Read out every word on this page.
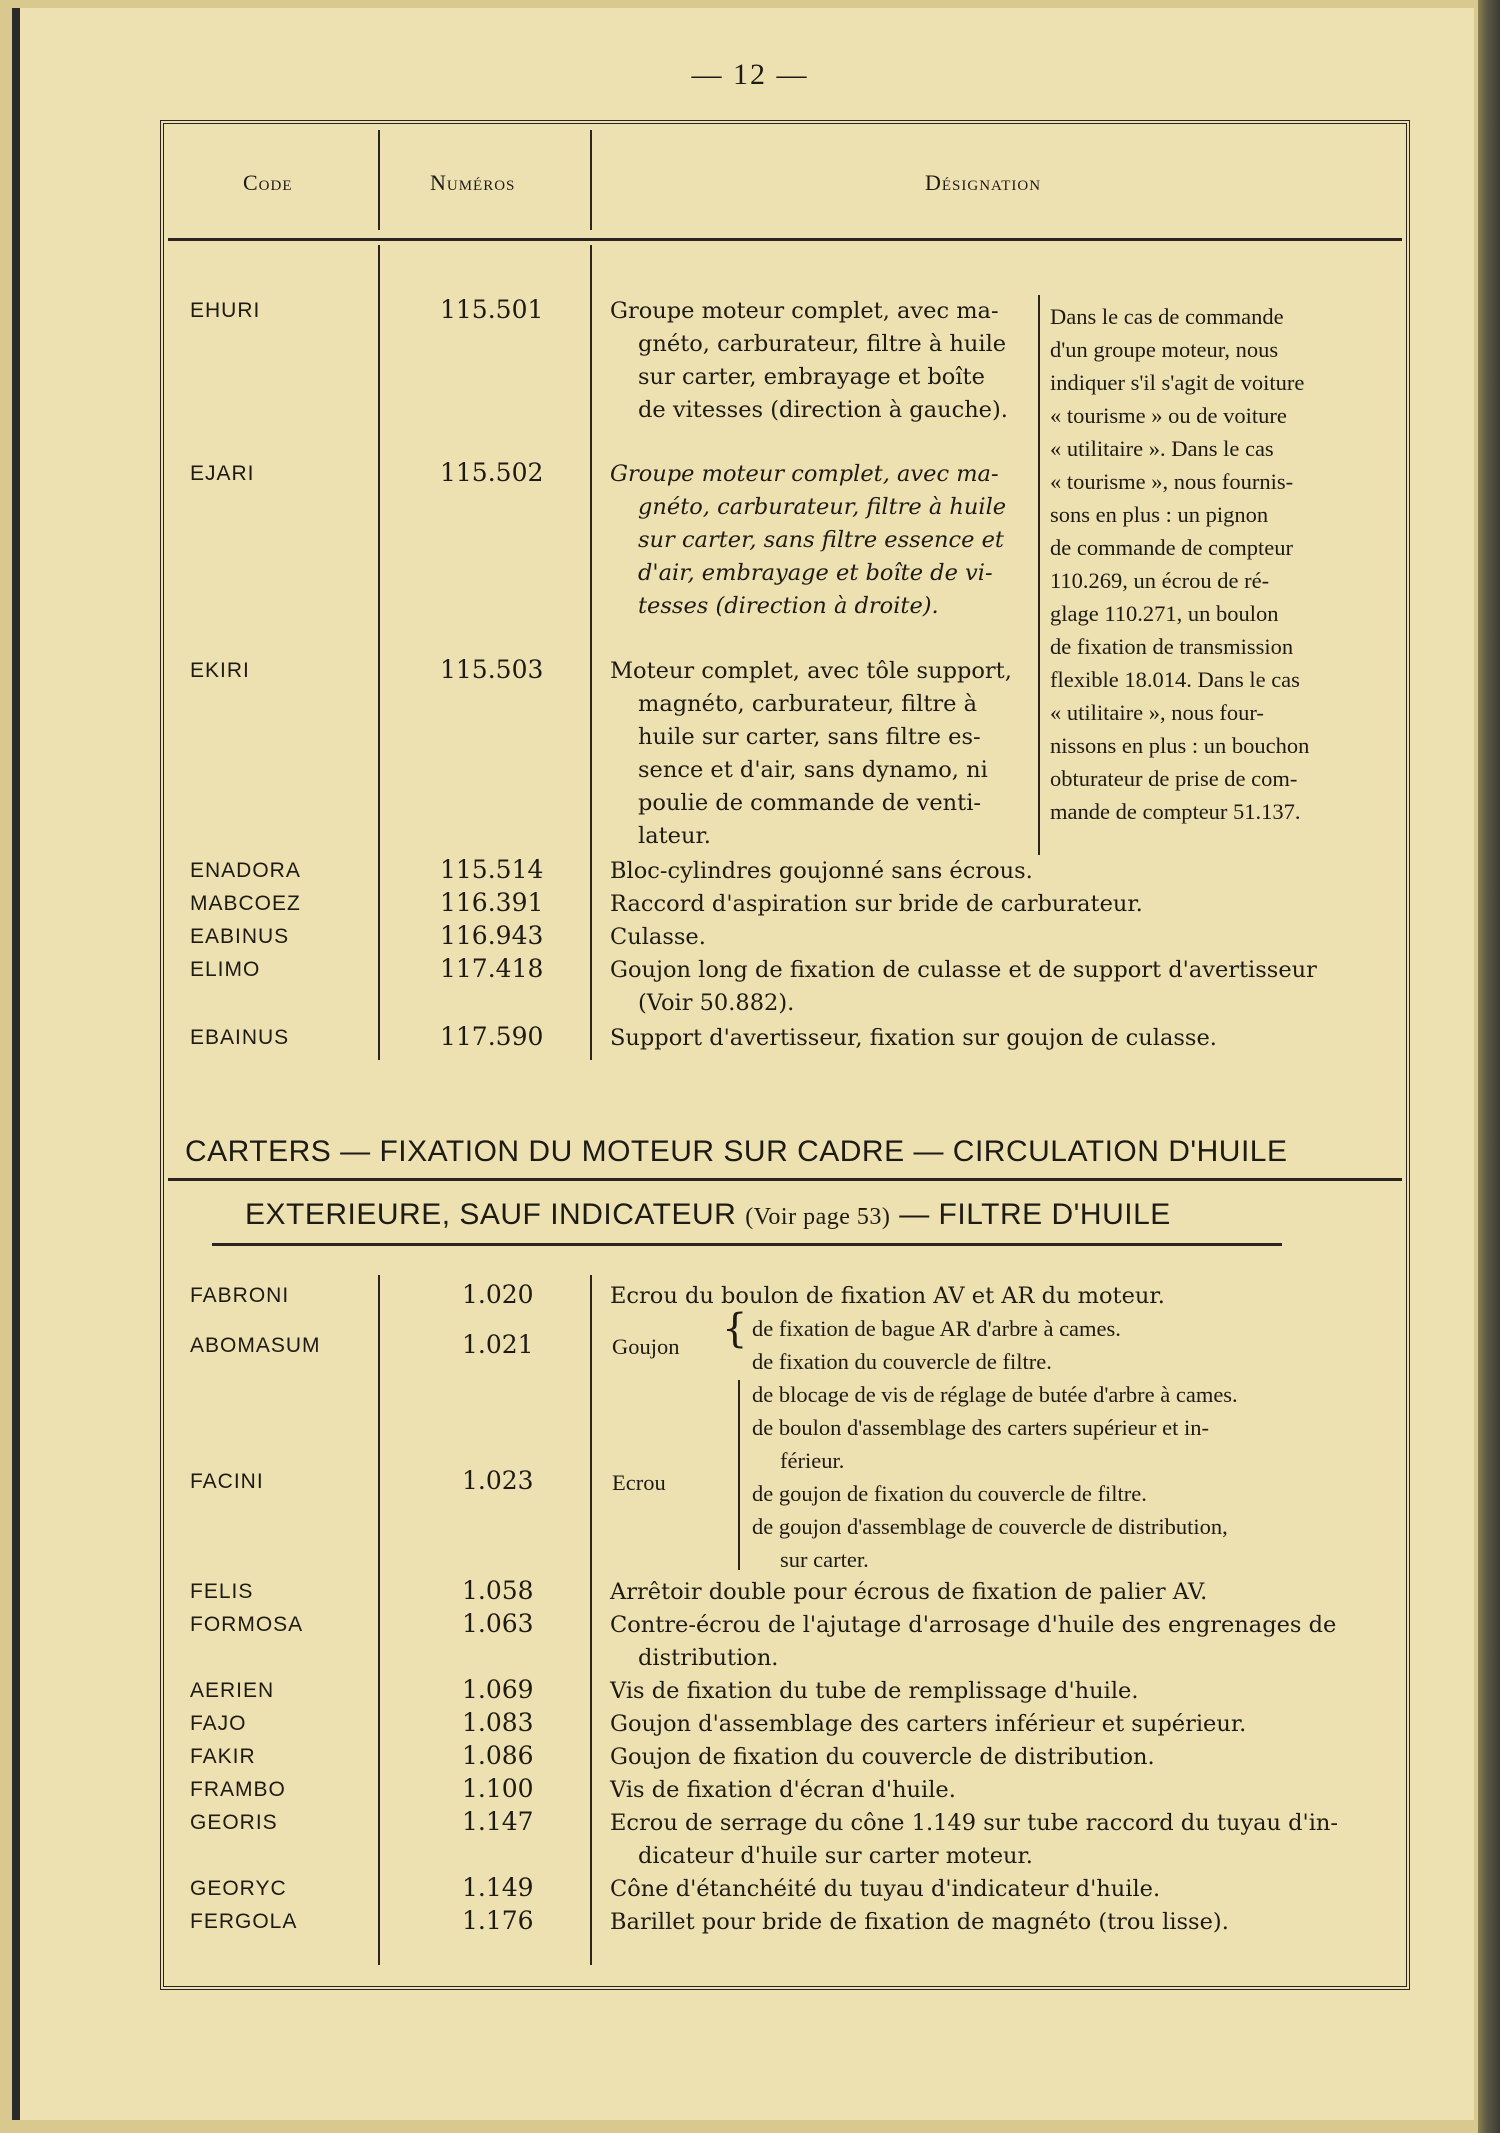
— 12 —
Code	Numéros	Désignation
EHURI	115.501	Groupe moteur complet, avec ma-
gnéto, carburateur, filtre à huile
sur carter, embrayage et boîte
de vitesses (direction à gauche).
EJARI	115.502	Groupe moteur complet, avec ma-
gnéto, carburateur, filtre à huile
sur carter, sans filtre essence et
d'air, embrayage et boîte de vi-
tesses (direction à droite).
EKIRI	115.503	Moteur complet, avec tôle support,
magnéto, carburateur, filtre à
huile sur carter, sans filtre es-
sence et d'air, sans dynamo, ni
poulie de commande de venti-
lateur.
ENADORA	115.514	Bloc-cylindres goujonné sans écrous.
MABCOEZ	116.391	Raccord d'aspiration sur bride de carburateur.
EABINUS	116.943	Culasse.
ELIMO	117.418	Goujon long de fixation de culasse et de support d'avertisseur
(Voir 50.882).
EBAINUS	117.590	Support d'avertisseur, fixation sur goujon de culasse.
Dans le cas de commande
d'un groupe moteur, nous
indiquer s'il s'agit de voiture
« tourisme » ou de voiture
« utilitaire ». Dans le cas
« tourisme », nous fournis-
sons en plus : un pignon
de commande de compteur
110.269, un écrou de ré-
glage 110.271, un boulon
de fixation de transmission
flexible 18.014. Dans le cas
« utilitaire », nous four-
nissons en plus : un bouchon
obturateur de prise de com-
mande de compteur 51.137.
CARTERS — FIXATION DU MOTEUR SUR CADRE — CIRCULATION D'HUILE
EXTERIEURE, SAUF INDICATEUR (Voir page 53) — FILTRE D'HUILE
FABRONI	1.020	Ecrou du boulon de fixation AV et AR du moteur.
ABOMASUM	1.021	Goujon { de fixation de bague AR d'arbre à cames.
de fixation du couvercle de filtre.
FACINI	1.023	Ecrou
de blocage de vis de réglage de butée d'arbre à cames.
de boulon d'assemblage des carters supérieur et in-
férieur.
de goujon de fixation du couvercle de filtre.
de goujon d'assemblage de couvercle de distribution,
sur carter.
FELIS	1.058	Arrêtoir double pour écrous de fixation de palier AV.
FORMOSA	1.063	Contre-écrou de l'ajutage d'arrosage d'huile des engrenages de
distribution.
AERIEN	1.069	Vis de fixation du tube de remplissage d'huile.
FAJO	1.083	Goujon d'assemblage des carters inférieur et supérieur.
FAKIR	1.086	Goujon de fixation du couvercle de distribution.
FRAMBO	1.100	Vis de fixation d'écran d'huile.
GEORIS	1.147	Ecrou de serrage du cône 1.149 sur tube raccord du tuyau d'in-
dicateur d'huile sur carter moteur.
GEORYC	1.149	Cône d'étanchéité du tuyau d'indicateur d'huile.
FERGOLA	1.176	Barillet pour bride de fixation de magnéto (trou lisse).
